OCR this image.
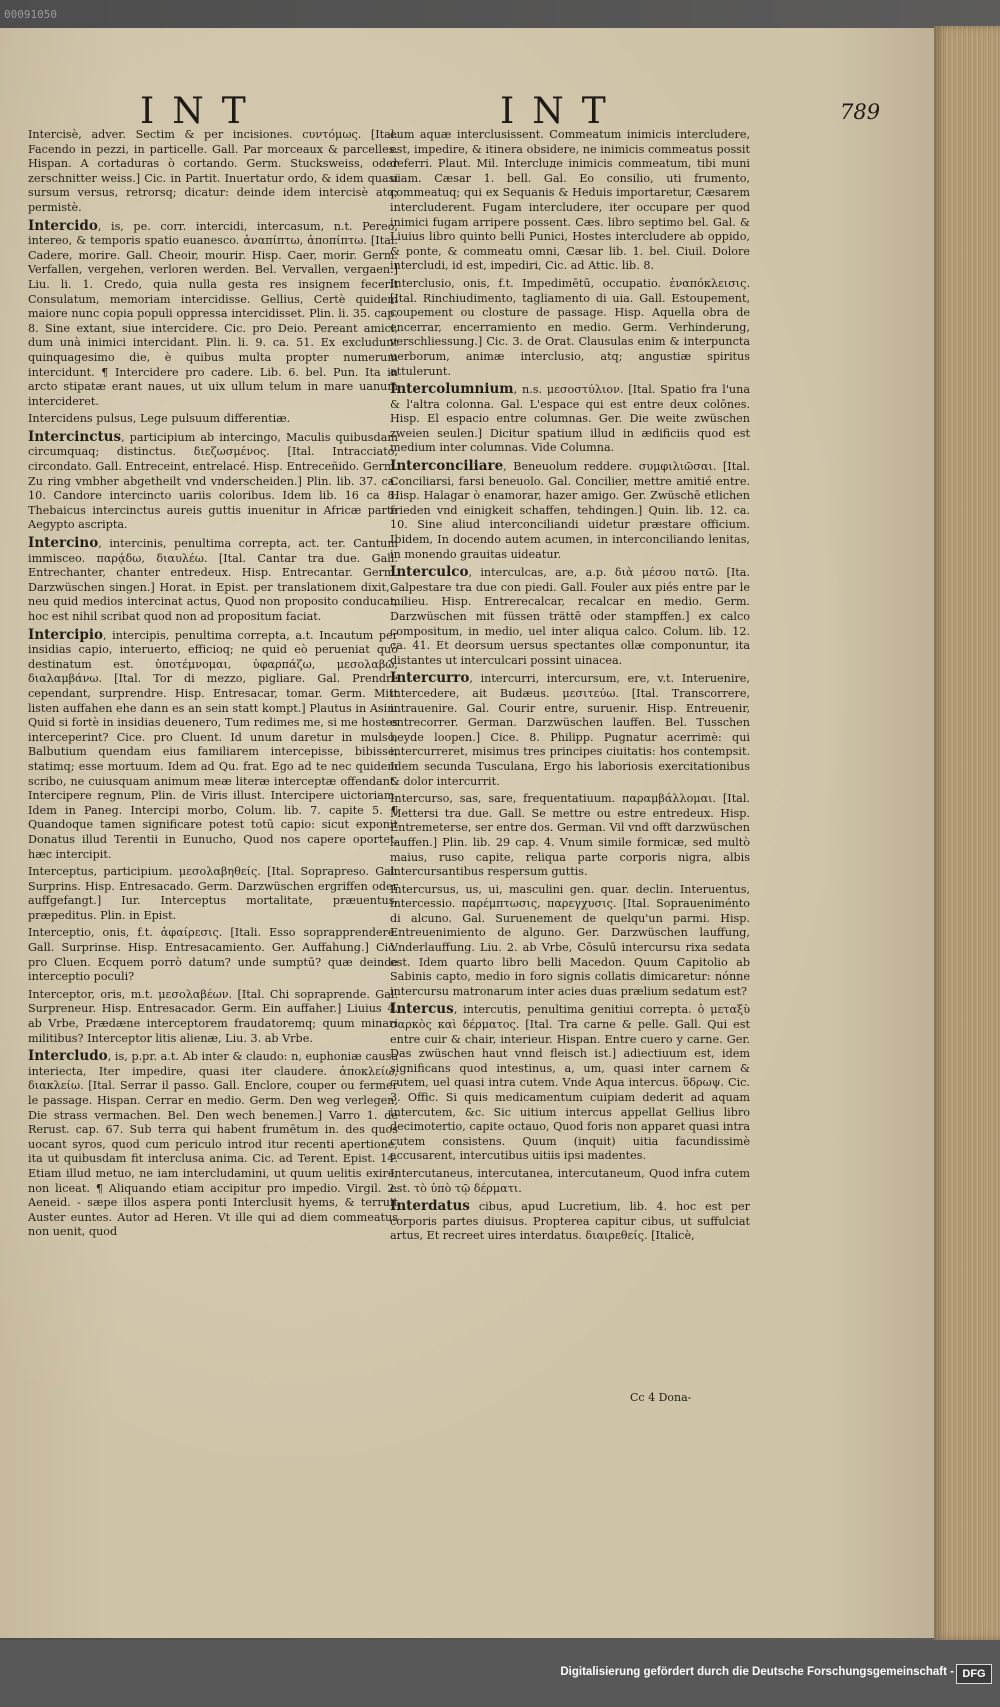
00091050
INT	INT	789

Intercisè, adver. Sectim & per incisiones. ϲυντόμως. [Ital. Facendo in pezzi, in particelle. Gall. Par morceaux & parcelles. Hispan. A cortaduras ò cortando. Germ. Stucksweiss, oder zerschnitter weiss.] Cic. in Partit. Inuertatur ordo, & idem quasi sursum versus, retrorsq; dicatur: deinde idem intercisè atq; permistè.

Intercido, is, pe. corr. intercidi, intercasum, n.t. Pereo, interеo, & temporis spatio euanesco. ἀναπίπτω, ἀποπίπτω. [Ital. Cadere, morire. Gall. Cheoir, mourir. Hisp. Caer, morir. Germ. Verfallen, vergehen, verloren werden. Bel. Vervallen, vergaen.] Liu. li. 1. Credo, quia nulla gesta res insignem fecerit Consulatum, memoriam intercidisse. Gellius, Certè quidem maiore nunc copia populi oppressa intercidisset. Plin. li. 35. cap. 8. Sine extant, siue interciderе. Cic. pro Deio. Pereant amici, dum unà inimici intercidant. Plin. li. 9. ca. 51. Ex excludunt quinquagesimo die, è quibus multa propter numerum intercidunt. ¶ Intercidere pro cadere. Lib. 6. bel. Pun. Ita in arcto stipatæ erant naues, ut uix ullum telum in mare uanum intercideret.

Intercidens pulsus, Lege pulsuum differentiæ.

Intercinctus, participium ab intercingo, Maculis quibusdam circumquaq; distinctus. διεζωσμένος. [Ital. Intracciato, circondato. Gall. Entreceint, entrelacé. Hisp. Entreceñido. Germ. Zu ring vmbher abgetheilt vnd vnderscheiden.] Plin. lib. 37. ca. 10. Candore intercincto uariis coloribus. Idem lib. 16 ca 8. Thebaicus intercinctus aureis guttis inuenitur in Africæ parte Aegypto ascripta.

Intercino, intercinis, penultima correpta, act. ter. Cantum immisceo. παρᾴδω, διαυλέω. [Ital. Cantar tra due. Gall. Entrechanter, chanter entredeux. Hisp. Entrecantar. Germ. Darzwüschen singen.] Horat. in Epist. per translationem dixit, ‑ neu quid medios intercinat actus, Quod non proposito conducat, hoc est nihil scribat quod non ad propositum faciat.

Intercipio, intercipis, penultima correpta, a.t. Incautum per insidias capio, interuerto, efficioq; ne quid eò perueniat quò destinatum est. ὑποτέμνομαι, ὑφαρπάζω, μεσολαβῶ, διαλαμβάνω. [Ital. Tor di mezzo, pigliare. Gal. Prendre cependant, surprendre. Hisp. Entresacar, tomar. Germ. Mitt listen auffahen ehe dann es an sein statt kompt.] Plautus in Asin. Quid si fortè in insidias deuenero, Tum redimes me, si me hostes interceperint? Cicе. pro Cluent. Id unum daretur in mulso, Balbutium quendam eius familiarem intercepisse, bibisse, statimq; esse mortuum. Idem ad Qu. frat. Ego ad te nec quidem scribo, ne cuiusquam animum meæ literæ interceptæ offendant. Intercipere regnum, Plin. de Viris illust. Intercipere uictoriam, Idem in Paneg. Intercipi morbo, Colum. lib. 7. capite 5. ¶ Quandoque tamen significare potest totū capio: sicut exponit Donatus illud Terentii in Eunucho, Quod nos capere oportet, hæc intercipit.

Interceptus, participium. μεσολαβηθείς. [Ital. Soprapreso. Gal. Surprins. Hisp. Entresacado. Germ. Darzwüschen ergriffen oder auffgefangt.] Iur. Interceptus mortalitate, præuentus, præpeditus. Plin. in Epist.

Interceptio, onis, f.t. ἀφαίρεσις. [Itali. Esso soprapprendere. Gall. Surprinse. Hisp. Entresacamiento. Ger. Auffahung.] Cic. pro Cluen. Ecquem porrò datum? unde sumptū? quæ deinde interceptio poculi?

Interceptor, oris, m.t. μεσολαβέων. [Ital. Chi sopraprende. Gal. Surpreneur. Hisp. Entresacador. Germ. Ein auffaher.] Liuius 4. ab Vrbe, Prædæne interceptorem fraudatoremq; quum minari militibus? Interceptor litis alienæ, Liu. 3. ab Vrbe.

Intercludo, is, p.pr. a.t. Ab inter & claudo: n, euphoniæ causa interiecta, Iter impedire, quasi iter claudere. ἀποκλείω, διακλείω. [Ital. Serrar il passo. Gall. Enclore, couper ou fermer le passage. Hispan. Cerrar en medio. Germ. Den weg verlegen, Die strass vermachen. Bel. Den wech benemen.] Varro 1. de Rerust. cap. 67. Sub terra qui habent frumētum in. des quos uocant syros, quod cum periculo introd itur recenti apertione, ita ut quibusdam fit interclusa anima. Cic. ad Terent. Epist. 14. Etiam illud metuo, ne iam intercludamini, ut quum uelitis exire, non liceat. ¶ Aliquando etiam accipitur pro impedio. Virgil. 2. Aeneid. ‑ sæpe illos aspera ponti Interclusit hyems, & terruit Auster euntes. Autor ad Heren. Vt ille qui ad diem commeatus non uenit, quod

eum aquæ interclusissent. Commeatum inimicis intercludere, est, impedire, & itinera obsidere, ne inimicis commeatus possit deferri. Plaut. Mil. Intercluде inimicis commeatum, tibi muni uiam. Cæsar 1. bell. Gal. Eo consilio, uti frumento, commeatuq; qui ex Sequanis & Heduis importaretur, Cæsarem intercluderent. Fugam intercludere, iter occupare per quod inimici fugam arripere possent. Cæs. libro septimo bel. Gal. & Liuius libro quinto belli Punici, Hostes intercludere ab oppido, & ponte, & commeatu omni, Cæsar lib. 1. bel. Ciuil. Dolore intercludi, id est, impediri, Cic. ad Attic. lib. 8.

Interclusio, onis, f.t. Impedimētū, occupatio. ἐναπόκλεισις. [Ital. Rinchiudimento, tagliamento di uia. Gall. Estoupement, coupement ou closture de passage. Hisp. Aquella obra de encerrar, encerramiento en medio. Germ. Verhinderung, verschliessung.] Cic. 3. de Orat. Clausulas enim & interpuncta uerborum, animæ interclusio, atq; angustiæ spiritus attulerunt.

Intercolumnium, n.s. μεσοστύλιον. [Ital. Spatio fra l'una & l'altra colonna. Gal. L'espace qui est entre deux colōnes. Hisp. El espacio entre columnas. Ger. Die weite zwüschen zweien seulen.] Dicitur spatium illud in ædificiis quod est medium inter columnas. Vide Columna.

Interconciliare, Beneuolum reddere. συμφιλιῶσαι. [Ital. Conciliarsi, farsi beneuolo. Gal. Concilier, mettre amitié entre. Hisp. Halagar ò enamorar, hazer amigo. Ger. Zwüschē etlichen frieden vnd einigkeit schaffen, tehdingen.] Quin. lib. 12. ca. 10. Sine aliud interconciliandi uidetur præstare officium. Ibidem, In docendo autem acumen, in interconciliando lenitas, in monendo grauitas uideatur.

Interculco, interculcas, are, a.p. διὰ μέσου πατῶ. [Ita. Calpestare tra due con piedi. Gall. Fouler aux piés entre par le milieu. Hisp. Entrerecalcar, recalcar en medio. Germ. Darzwüschen mit füssen trättē oder stampffen.] ex calco compositum, in medio, uel inter aliqua calco. Colum. lib. 12. ca. 41. Et deorsum uersus spectantes ollæ componuntur, ita distantes ut interculcari possint uinacea.

Intercurro, intercurri, intercursum, ere, v.t. Interuenire, intercedere, ait Budæus. μεσιτεύω. [Ital. Transcorrere, intrauenire. Gal. Courir entre, suruenir. Hisp. Entreuenir, entrecorrer. German. Darzwüschen lauffen. Bel. Tusschen beyde loopen.] Cice. 8. Philipp. Pugnatur acerrimè: qui intercurreret, misimus tres principes ciuitatis: hos contempsit. Idem secunda Tusculana, Ergo his laboriosis exercitationibus & dolor intercurrit.

Intercurso, sas, sare, frequentatiuum. παραμβάλλομαι. [Ital. Mettersi tra due. Gall. Se mettre ou estre entredeux. Hisp. Entremeterse, ser entre dos. German. Vil vnd offt darzwüschen lauffen.] Plin. lib. 29 cap. 4. Vnum simile formicæ, sed multò maius, ruso capite, reliqua parte corporis nigra, albis intercursantibus respersum guttis.

Intercursus, us, ui, masculini gen. quar. declin. Interuentus, intercessio. παρέμπτωσις, παρεγχυσις. [Ital. Sopraueniménto di alcuno. Gal. Suruenement de quelqu'un parmi. Hisp. Entreuenimiento de alguno. Ger. Darzwüschen lauffung, Vnderlauffung. Liu. 2. ab Vrbe, Cōsulū intercursu rixa sedata est. Idem quarto libro belli Macedon. Quum Capitolio ab Sabinis capto, medio in foro signis collatis dimicaretur: nónne intercursu matronarum inter acies duas prælium sedatum est?

Intercus, intercutis, penultima genitiui correpta. ὁ μεταξὺ σαρκὸς καὶ δέρματος. [Ital. Tra carne & pelle. Gall. Qui est entre cuir & chair, interieur. Hispan. Entre cuero y carne. Ger. Das zwüschen haut vnnd fleisch ist.] adiectiuum est, idem significans quod intestinus, a, um, quasi inter carnem & cutem, uel quasi intra cutem. Vnde Aqua intercus. ὕδρωψ. Cic. 3. Offic. Si quis medicamentum cuipiam dederit ad aquam intercutem, &c. Sic uitium intercus appellat Gellius libro decimotertio, capite octauo, Quod foris non apparet quasi intra cutem consistens. Quum (inquit) uitia facundissimè accusarent, intercutibus uitiis ipsi madentes.

Intercutaneus, intercutanea, intercutaneum, Quod infra cutem est. τὸ ὑπὸ τῷ δέρματι.

Interdatus cibus, apud Lucretium, lib. 4. hoc est per corporis partes diuisus. Propterea capitur cibus, ut suffulciat artus, Et recreet uires interdatus. διαιρεθείς. [Italicè,

Cc 4 Dona-
Digitalisierung gefördert durch die Deutsche Forschungsgemeinschaft - DFG
